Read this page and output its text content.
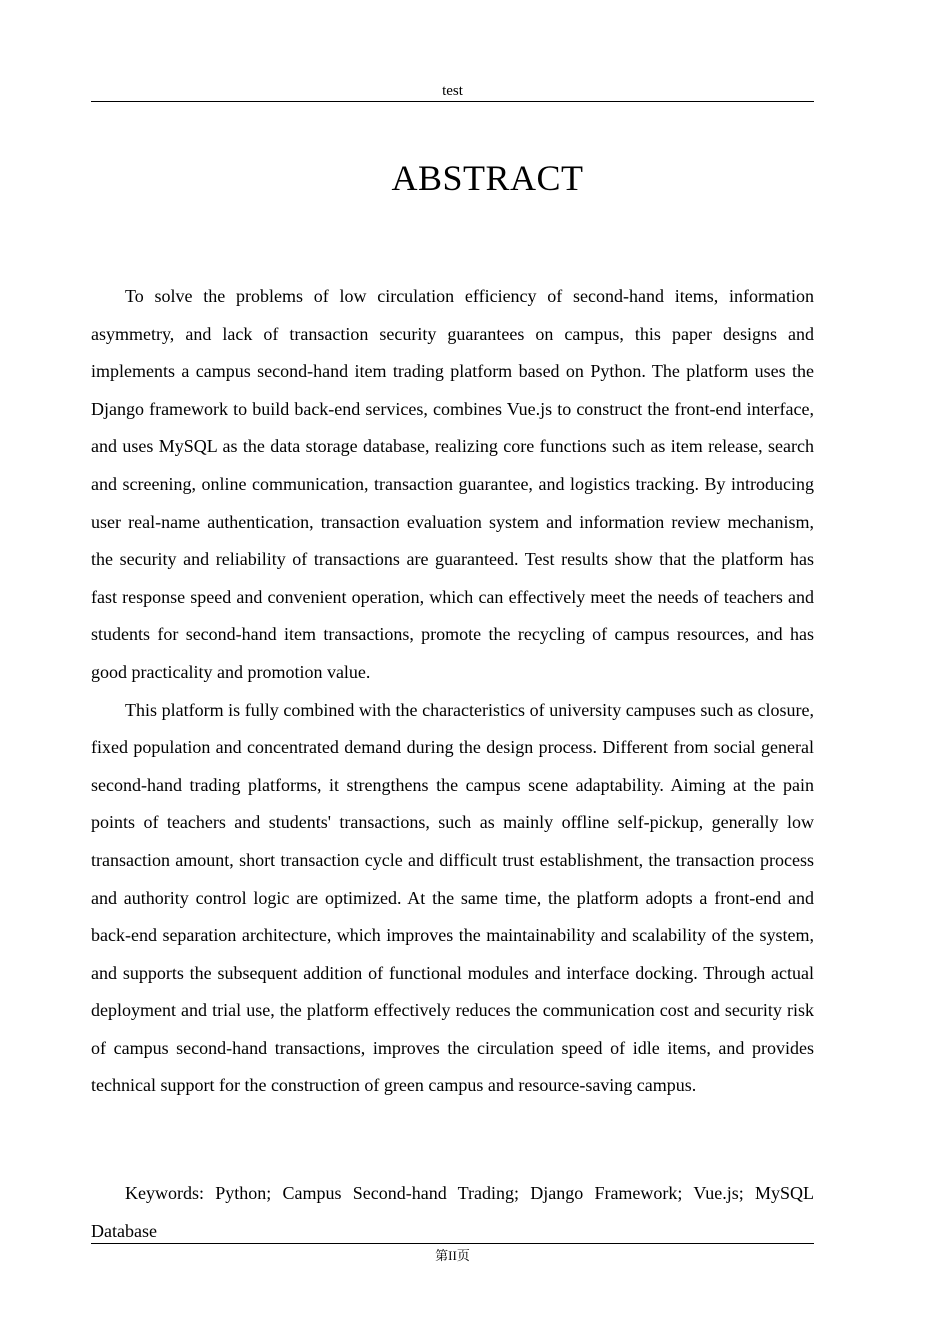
test
ABSTRACT

To solve the problems of low circulation efficiency of second-hand items, information asymmetry, and lack of transaction security guarantees on campus, this paper designs and implements a campus second-hand item trading platform based on Python. The platform uses the Django framework to build back-end services, combines Vue.js to construct the front-end interface, and uses MySQL as the data storage database, realizing core functions such as item release, search and screening, online communication, transaction guarantee, and logistics tracking. By introducing user real-name authentication, transaction evaluation system and information review mechanism, the security and reliability of transactions are guaranteed. Test results show that the platform has fast response speed and convenient operation, which can effectively meet the needs of teachers and students for second-hand item transactions, promote the recycling of campus resources, and has good practicality and promotion value.

This platform is fully combined with the characteristics of university campuses such as closure, fixed population and concentrated demand during the design process. Different from social general second-hand trading platforms, it strengthens the campus scene adaptability. Aiming at the pain points of teachers and students' transactions, such as mainly offline self-pickup, generally low transaction amount, short transaction cycle and difficult trust establishment, the transaction process and authority control logic are optimized. At the same time, the platform adopts a front-end and back-end separation architecture, which improves the maintainability and scalability of the system, and supports the subsequent addition of functional modules and interface docking. Through actual deployment and trial use, the platform effectively reduces the communication cost and security risk of campus second-hand transactions, improves the circulation speed of idle items, and provides technical support for the construction of green campus and resource-saving campus.

Keywords: Python; Campus Second-hand Trading; Django Framework; Vue.js; MySQL Database

第II页
